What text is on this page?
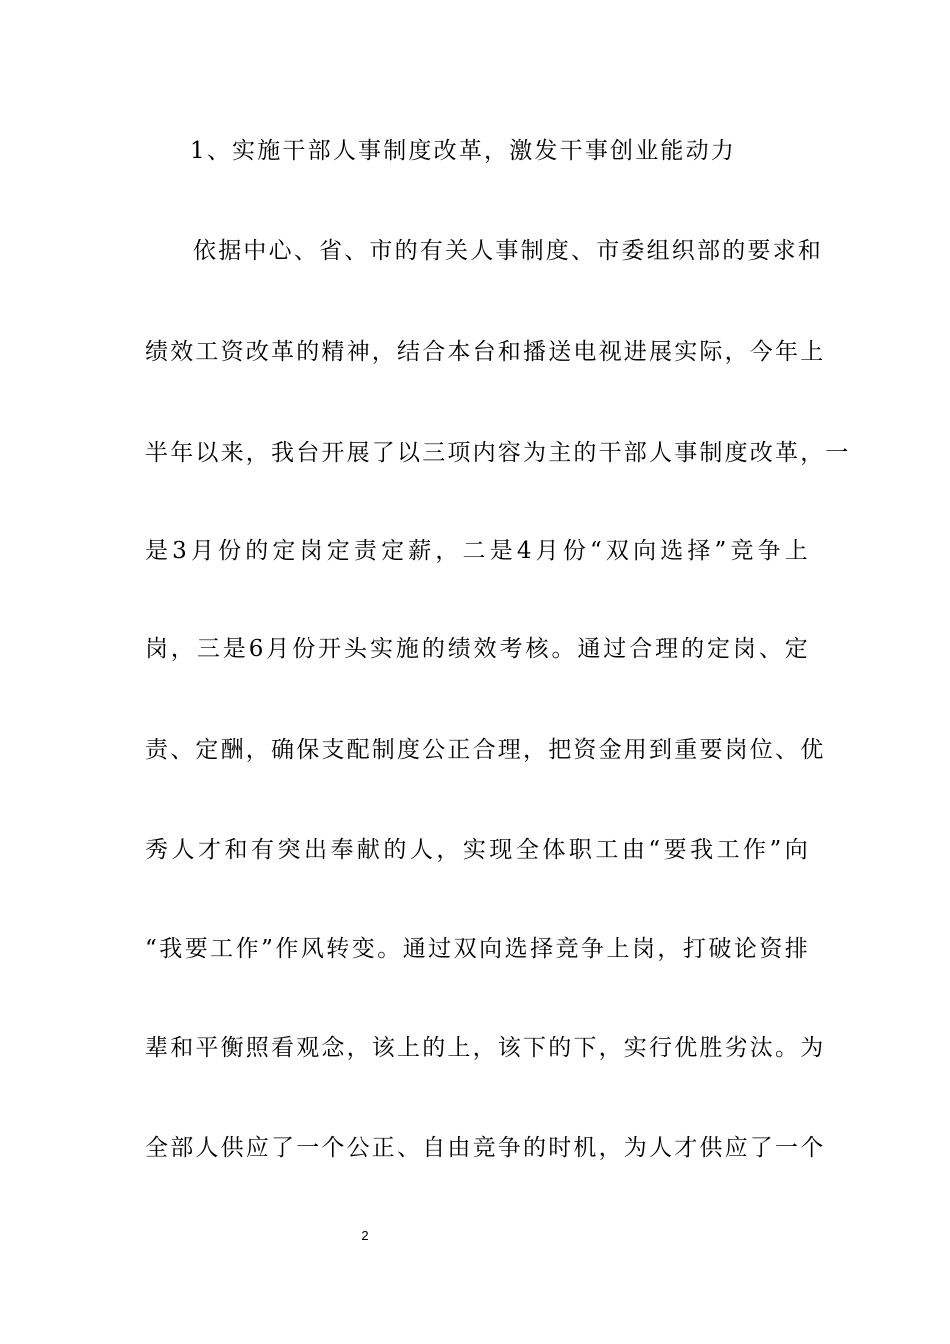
1、实施干部人事制度改革，激发干事创业能动力
依据中心、省、市的有关人事制度、市委组织部的要求和
绩效工资改革的精神，结合本台和播送电视进展实际，今年上
半年以来，我台开展了以三项内容为主的干部人事制度改革，一
是3月份的定岗定责定薪，二是4月份“双向选择”竞争上
岗，三是6月份开头实施的绩效考核。通过合理的定岗、定
责、定酬，确保支配制度公正合理，把资金用到重要岗位、优
秀人才和有突出奉献的人，实现全体职工由“要我工作”向
“我要工作”作风转变。通过双向选择竞争上岗，打破论资排
辈和平衡照看观念，该上的上，该下的下，实行优胜劣汰。为
全部人供应了一个公正、自由竞争的时机，为人才供应了一个
2
